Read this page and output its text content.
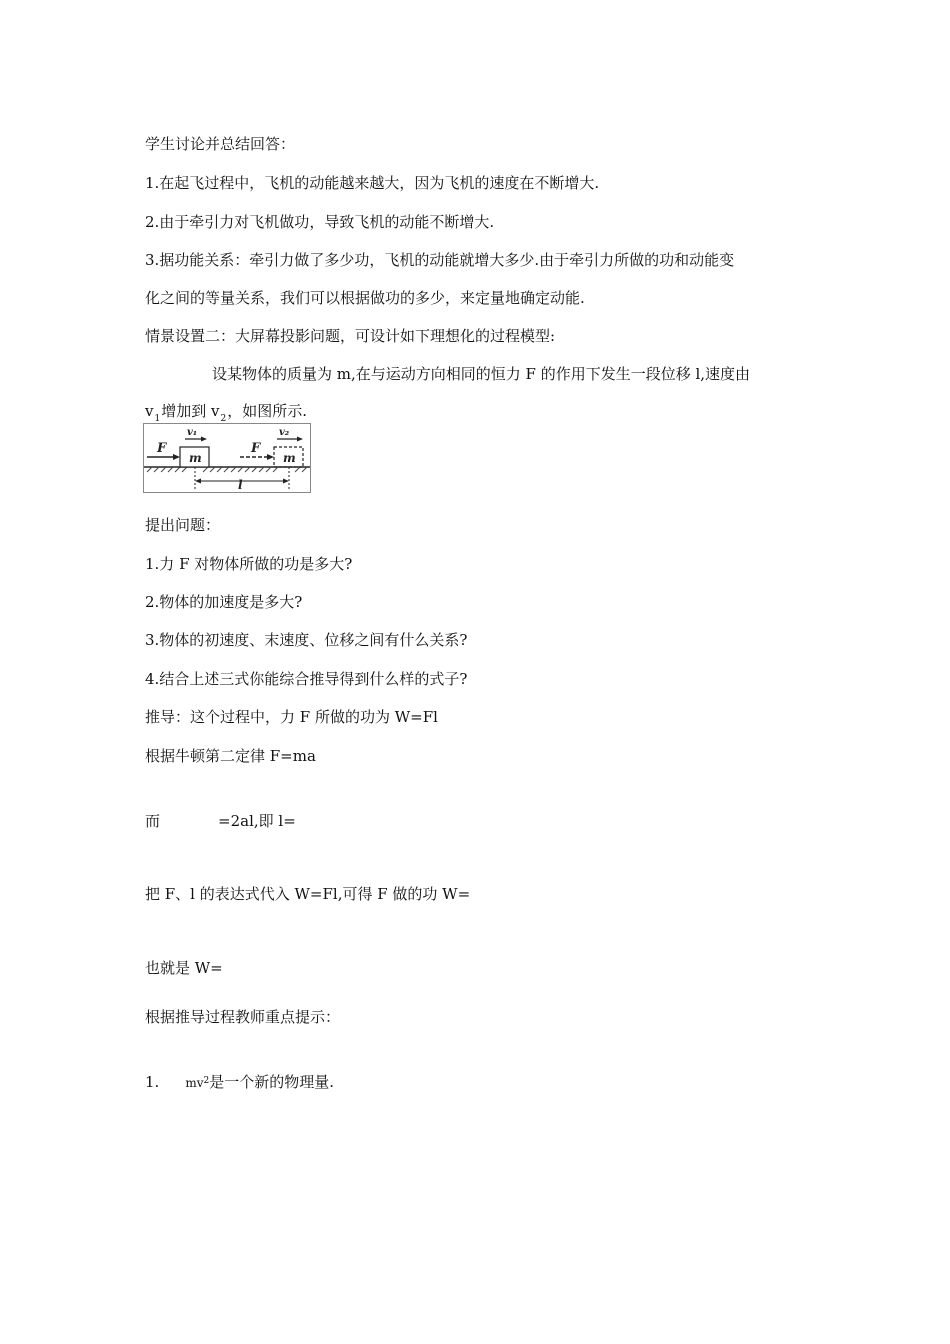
学生讨论并总结回答：
1.在起飞过程中，飞机的动能越来越大，因为飞机的速度在不断增大.
2.由于牵引力对飞机做功，导致飞机的动能不断增大.
3.据功能关系：牵引力做了多少功，飞机的动能就增大多少.由于牵引力所做的功和动能变
化之间的等量关系，我们可以根据做功的多少，来定量地确定动能.
情景设置二：大屏幕投影问题，可设计如下理想化的过程模型:
设某物体的质量为 m,在与运动方向相同的恒力 F 的作用下发生一段位移 l,速度由
$v_1$增加到 $v_2$，如图所示.
m
F
v₁
m
F
v₂
l
提出问题：
1.力 F 对物体所做的功是多大?
2.物体的加速度是多大?
3.物体的初速度、末速度、位移之间有什么关系?
4.结合上述三式你能综合推导得到什么样的式子?
推导：这个过程中，力 F 所做的功为 W=Fl
根据牛顿第二定律 F=ma
而	=2al,即 l=
把 F、l 的表达式代入 W=Fl,可得 F 做的功 W=
也就是 W=
根据推导过程教师重点提示：
1. $mv^2$是一个新的物理量.
